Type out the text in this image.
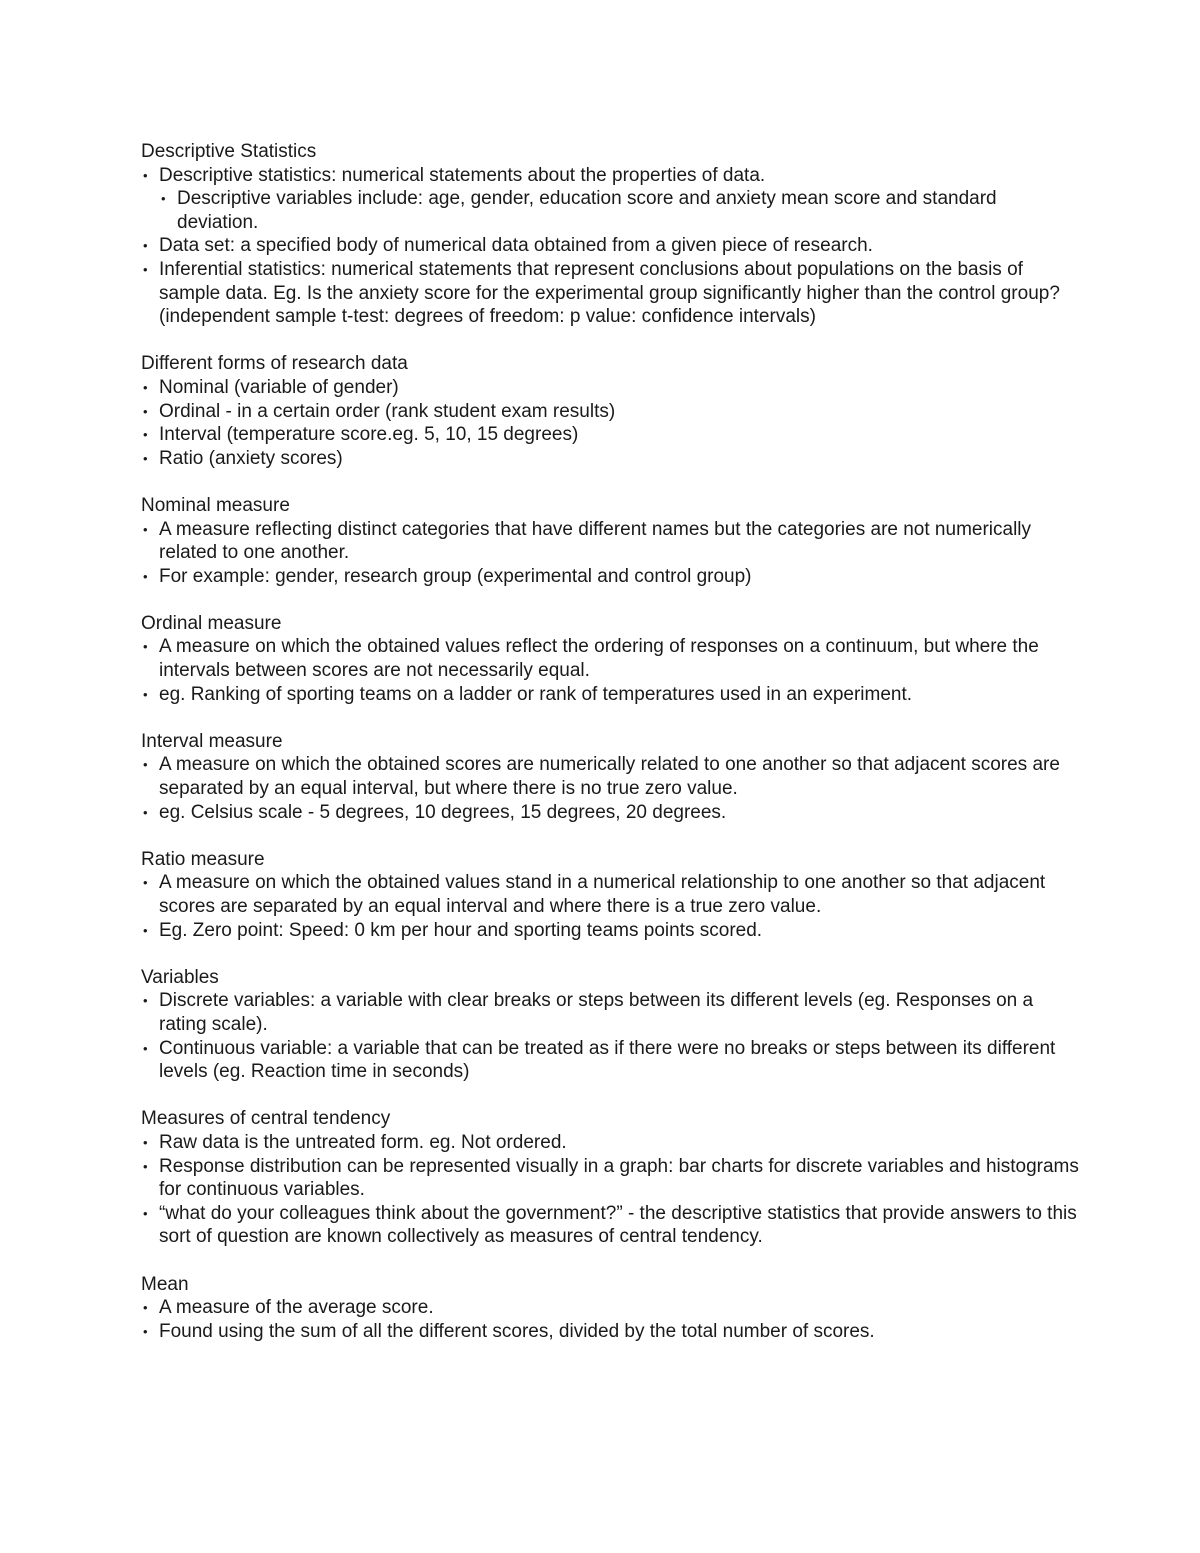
Descriptive Statistics

• Descriptive statistics: numerical statements about the properties of data.
• Descriptive variables include: age, gender, education score and anxiety mean score and standard deviation.
• Data set: a specified body of numerical data obtained from a given piece of research.
• Inferential statistics: numerical statements that represent conclusions about populations on the basis of sample data. Eg. Is the anxiety score for the experimental group significantly higher than the control group? (independent sample t-test: degrees of freedom: p value: confidence intervals)

Different forms of research data

• Nominal (variable of gender)
• Ordinal - in a certain order (rank student exam results)
• Interval (temperature score.eg. 5, 10, 15 degrees)
• Ratio (anxiety scores)

Nominal measure

• A measure reflecting distinct categories that have different names but the categories are not numerically related to one another.
• For example: gender, research group (experimental and control group)

Ordinal measure

• A measure on which the obtained values reflect the ordering of responses on a continuum, but where the intervals between scores are not necessarily equal.
• eg. Ranking of sporting teams on a ladder or rank of temperatures used in an experiment.

Interval measure

• A measure on which the obtained scores are numerically related to one another so that adjacent scores are separated by an equal interval, but where there is no true zero value.
• eg. Celsius scale - 5 degrees, 10 degrees, 15 degrees, 20 degrees.

Ratio measure

• A measure on which the obtained values stand in a numerical relationship to one another so that adjacent scores are separated by an equal interval and where there is a true zero value.
• Eg. Zero point: Speed: 0 km per hour and sporting teams points scored.

Variables

• Discrete variables: a variable with clear breaks or steps between its different levels (eg. Responses on a rating scale).
• Continuous variable: a variable that can be treated as if there were no breaks or steps between its different levels (eg. Reaction time in seconds)

Measures of central tendency

• Raw data is the untreated form. eg. Not ordered.
• Response distribution can be represented visually in a graph: bar charts for discrete variables and histograms for continuous variables.
• “what do your colleagues think about the government?” - the descriptive statistics that provide answers to this sort of question are known collectively as measures of central tendency.

Mean

• A measure of the average score.
• Found using the sum of all the different scores, divided by the total number of scores.
